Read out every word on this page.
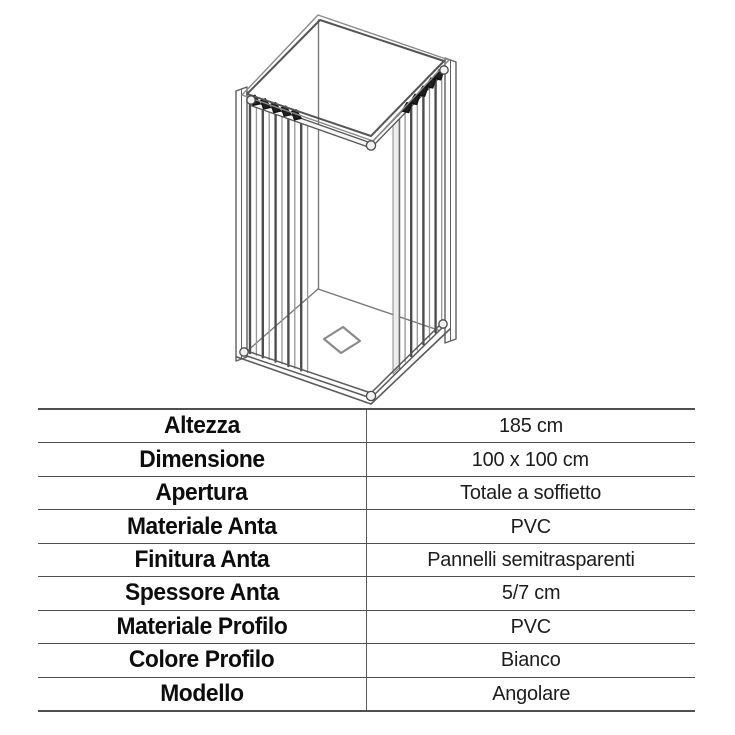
Altezza	185 cm
Dimensione	100 x 100 cm
Apertura	Totale a soffietto
Materiale Anta	PVC
Finitura Anta	Pannelli semitrasparenti
Spessore Anta	5/7 cm
Materiale Profilo	PVC
Colore Profilo	Bianco
Modello	Angolare
